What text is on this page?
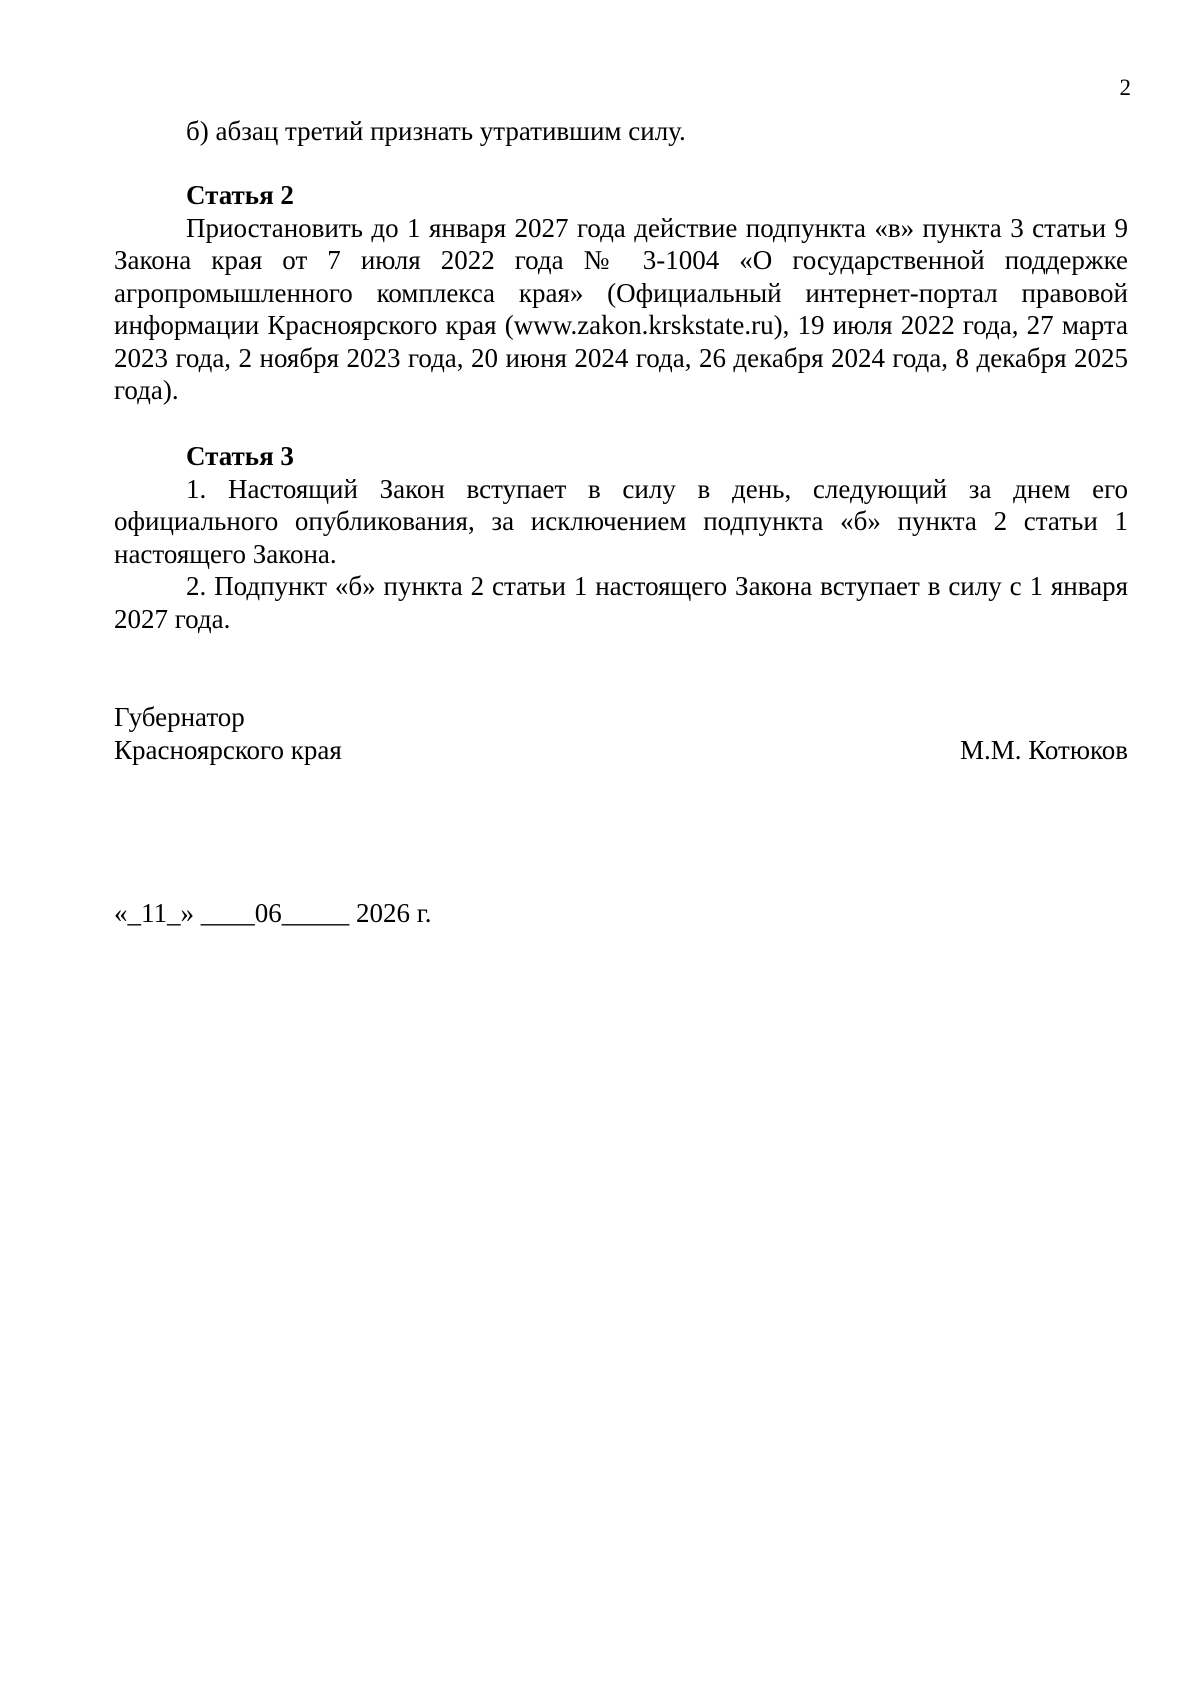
2

б) абзац третий признать утратившим силу.

Статья 2

Приостановить до 1 января 2027 года действие подпункта «в» пункта 3 статьи 9 Закона края от 7 июля 2022 года № 3-1004 «О государственной поддержке агропромышленного комплекса края» (Официальный интернет-портал правовой информации Красноярского края (www.zakon.krskstate.ru), 19 июля 2022 года, 27 марта 2023 года, 2 ноября 2023 года, 20 июня 2024 года, 26 декабря 2024 года, 8 декабря 2025 года).

Статья 3

1. Настоящий Закон вступает в силу в день, следующий за днем его официального опубликования, за исключением подпункта «б» пункта 2 статьи 1 настоящего Закона.

2. Подпункт «б» пункта 2 статьи 1 настоящего Закона вступает в силу с 1 января 2027 года.

Губернатор
Красноярского края	М.М. Котюков
«_11_» ____06_____ 2026 г.
